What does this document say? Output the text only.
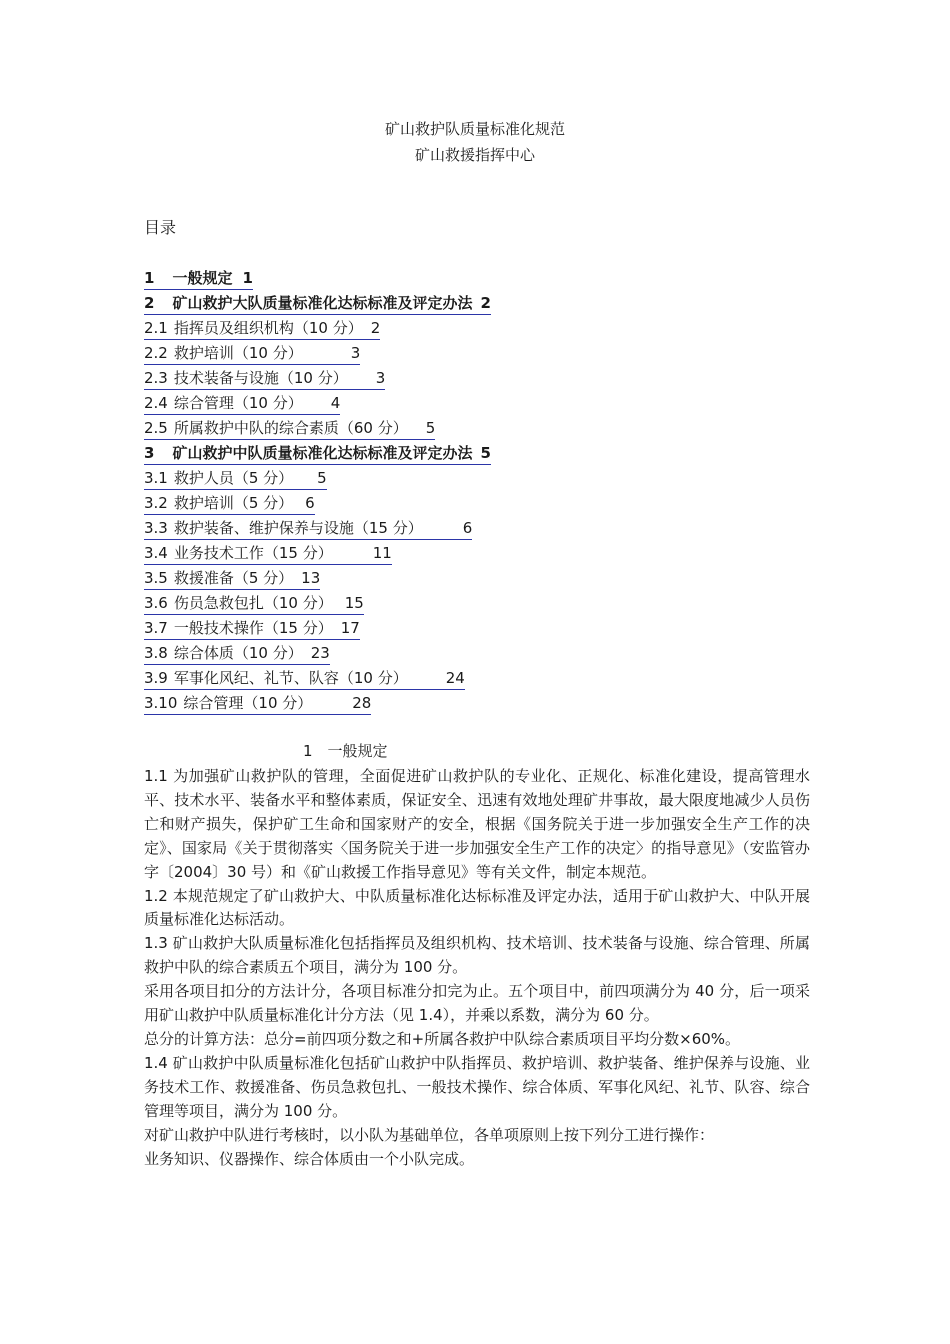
矿山救护队质量标准化规范
矿山救援指挥中心
目录
1 一般规定 1
2 矿山救护大队质量标准化达标标准及评定办法 2
2.1 指挥员及组织机构（10 分） 2
2.2 救护培训（10 分）	3
2.3 技术装备与设施（10 分） 3
2.4 综合管理（10 分） 4
2.5 所属救护中队的综合素质（60 分） 5
3 矿山救护中队质量标准化达标标准及评定办法 5
3.1 救护人员（5 分） 5
3.2 救护培训（5 分） 6
3.3 救护装备、维护保养与设施（15 分）	6
3.4 业务技术工作（15 分）	11
3.5 救援准备（5 分） 13
3.6 伤员急救包扎（10 分） 15
3.7 一般技术操作（15 分） 17
3.8 综合体质（10 分） 23
3.9 军事化风纪、礼节、队容（10 分）	24
3.10 综合管理（10 分）	28
1　一般规定

1.1 为加强矿山救护队的管理，全面促进矿山救护队的专业化、正规化、标准化建设，提高管理水平、技术水平、装备水平和整体素质，保证安全、迅速有效地处理矿井事故，最大限度地减少人员伤亡和财产损失，保护矿工生命和国家财产的安全，根据《国务院关于进一步加强安全生产工作的决定》、国家局《关于贯彻落实〈国务院关于进一步加强安全生产工作的决定〉的指导意见》（安监管办字〔2004〕30 号）和《矿山救援工作指导意见》等有关文件，制定本规范。

1.2 本规范规定了矿山救护大、中队质量标准化达标标准及评定办法，适用于矿山救护大、中队开展质量标准化达标活动。

1.3 矿山救护大队质量标准化包括指挥员及组织机构、技术培训、技术装备与设施、综合管理、所属救护中队的综合素质五个项目，满分为 100 分。

采用各项目扣分的方法计分，各项目标准分扣完为止。五个项目中，前四项满分为 40 分，后一项采用矿山救护中队质量标准化计分方法（见 1.4），并乘以系数，满分为 60 分。

总分的计算方法：总分=前四项分数之和+所属各救护中队综合素质项目平均分数×60%。

1.4 矿山救护中队质量标准化包括矿山救护中队指挥员、救护培训、救护装备、维护保养与设施、业务技术工作、救援准备、伤员急救包扎、一般技术操作、综合体质、军事化风纪、礼节、队容、综合管理等项目，满分为 100 分。

对矿山救护中队进行考核时，以小队为基础单位，各单项原则上按下列分工进行操作：

业务知识、仪器操作、综合体质由一个小队完成。
